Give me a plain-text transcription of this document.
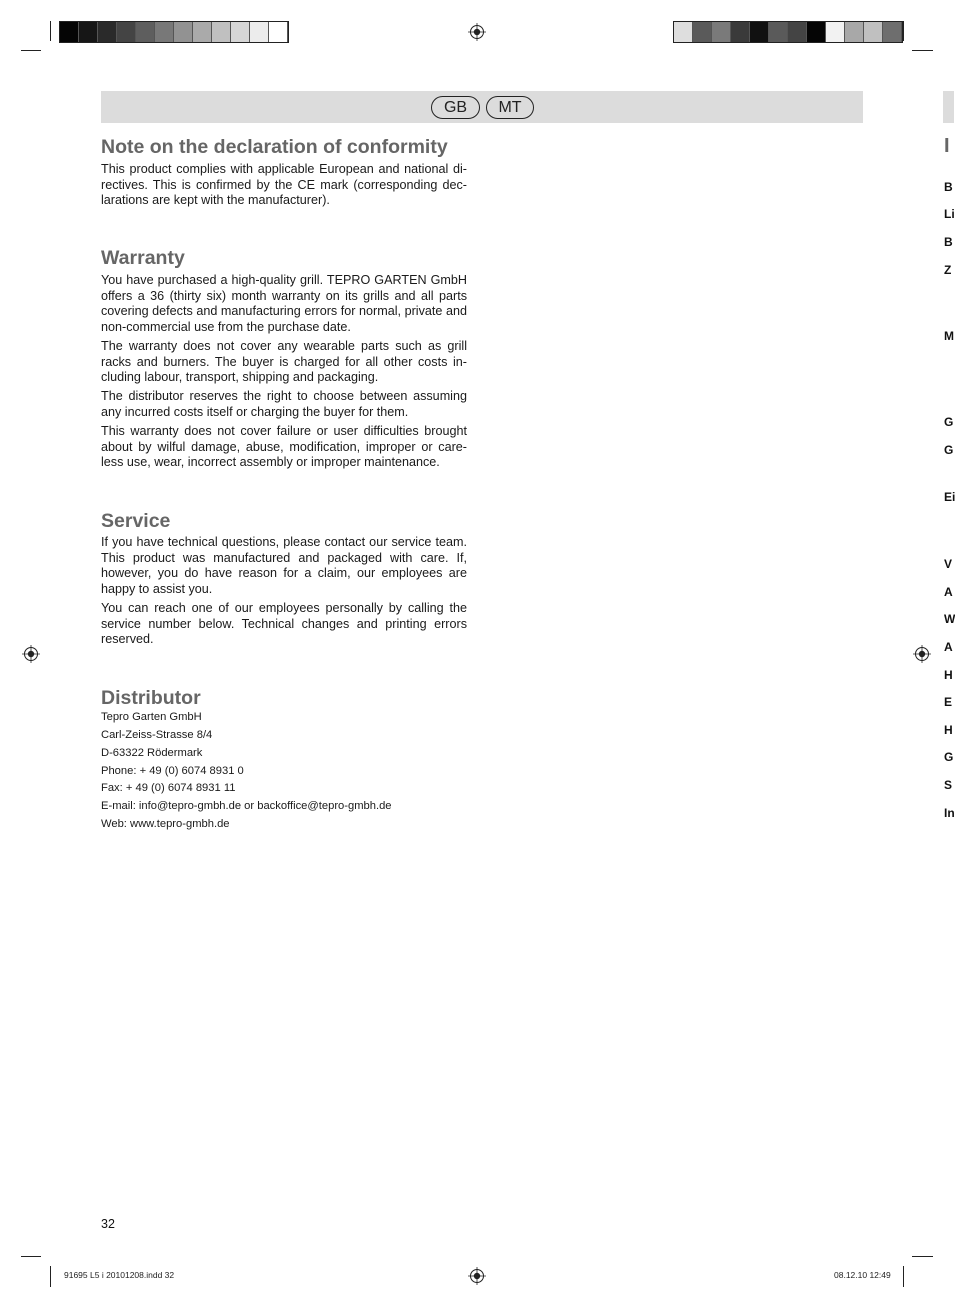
GB	MT
Note on the declaration of conformity

This product complies with applicable European and national di-rectives. This is confirmed by the CE mark (corresponding dec-larations are kept with the manufacturer).

Warranty

You have purchased a high-quality grill. TEPRO GARTEN GmbH offers a 36 (thirty six) month warranty on its grills and all parts covering defects and manufacturing errors for normal, private and non-commercial use from the purchase date.

The warranty does not cover any wearable parts such as grill racks and burners. The buyer is charged for all other costs in-cluding labour, transport, shipping and packaging.

The distributor reserves the right to choose between assuming any incurred costs itself or charging the buyer for them.

This warranty does not cover failure or user difficulties brought about by wilful damage, abuse, modification, improper or care-less use, wear, incorrect assembly or improper maintenance.

Service

If you have technical questions, please contact our service team. This product was manufactured and packaged with care. If, however, you do have reason for a claim, our employees are happy to assist you.

You can reach one of our employees personally by calling the service number below. Technical changes and printing errors reserved.

Distributor

Tepro Garten GmbH

Carl-Zeiss-Strasse 8/4

D-63322 Rödermark

Phone: + 49 (0) 6074 8931 0

Fax: + 49 (0) 6074 8931 11

E-mail: info@tepro-gmbh.de or backoffice@tepro-gmbh.de

Web: www.tepro-gmbh.de

I
B
Li
B
Z
M
G
G
Ei
V
A
W
A
H
E
H
G
S
In
32
91695 L5 i 20101208.indd 32	08.12.10 12:49
